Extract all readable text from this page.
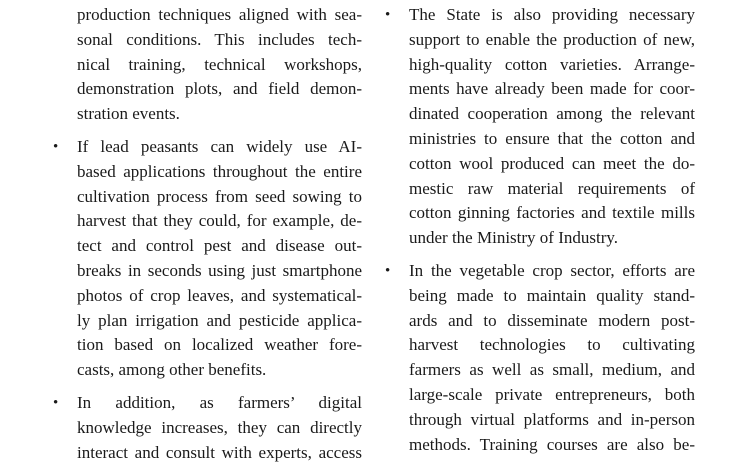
production techniques aligned with sea-
sonal conditions. This includes tech-
nical training, technical workshops,
demonstration plots, and field demon-
stration events.
• If lead peasants can widely use AI-
based applications throughout the entire
cultivation process from seed sowing to
harvest that they could, for example, de-
tect and control pest and disease out-
breaks in seconds using just smartphone
photos of crop leaves, and systematical-
ly plan irrigation and pesticide applica-
tion based on localized weather fore-
casts, among other benefits.
• In addition, as farmers’ digital
knowledge increases, they can directly
interact and consult with experts, access
• The State is also providing necessary
support to enable the production of new,
high-quality cotton varieties. Arrange-
ments have already been made for coor-
dinated cooperation among the relevant
ministries to ensure that the cotton and
cotton wool produced can meet the do-
mestic raw material requirements of
cotton ginning factories and textile mills
under the Ministry of Industry.
• In the vegetable crop sector, efforts are
being made to maintain quality stand-
ards and to disseminate modern post-
harvest technologies to cultivating
farmers as well as small, medium, and
large-scale private entrepreneurs, both
through virtual platforms and in-person
methods. Training courses are also be-
